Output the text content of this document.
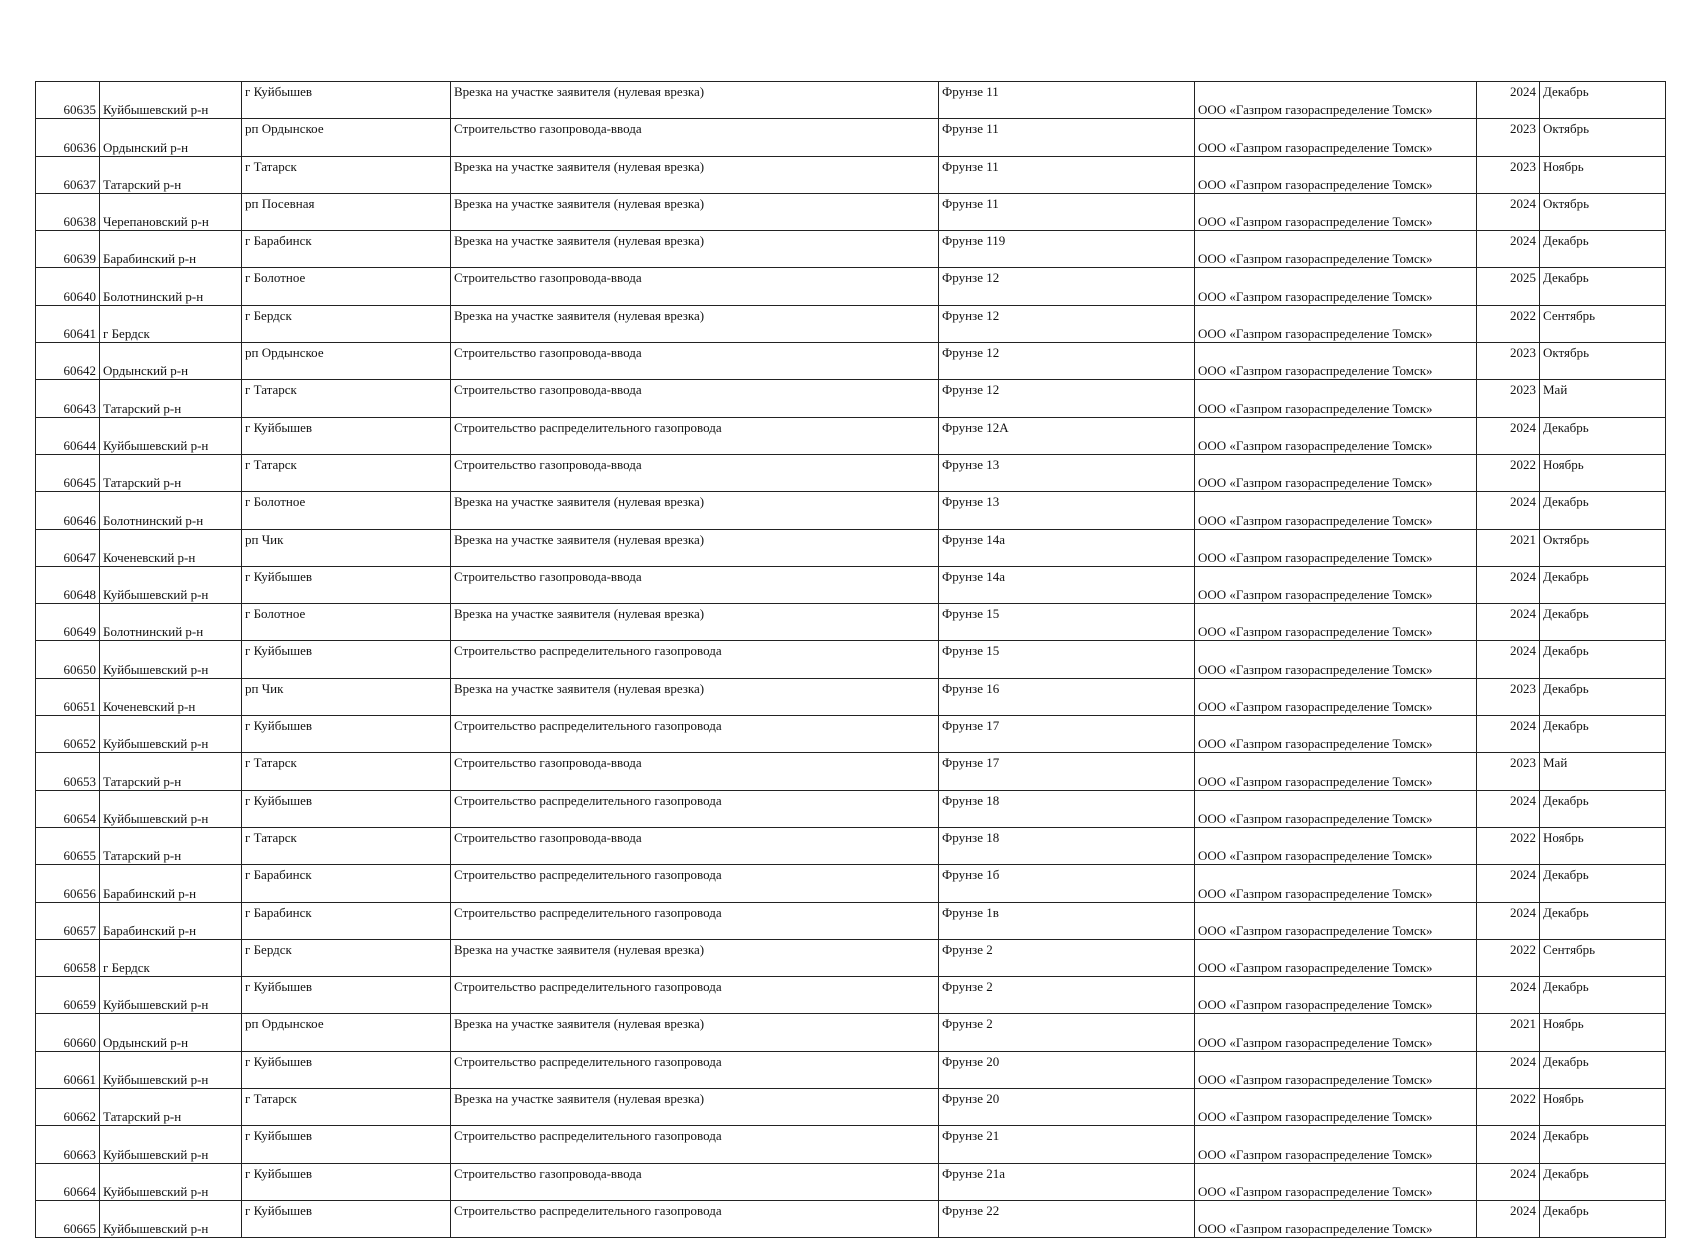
60635	Куйбышевский р-н	г Куйбышев	Врезка на участке заявителя (нулевая врезка)	Фрунзе 11	ООО «Газпром газораспределение Томск»	2024	Декабрь
60636	Ордынский р-н	рп Ордынское	Строительство газопровода-ввода	Фрунзе 11	ООО «Газпром газораспределение Томск»	2023	Октябрь
60637	Татарский р-н	г Татарск	Врезка на участке заявителя (нулевая врезка)	Фрунзе 11	ООО «Газпром газораспределение Томск»	2023	Ноябрь
60638	Черепановский р-н	рп Посевная	Врезка на участке заявителя (нулевая врезка)	Фрунзе 11	ООО «Газпром газораспределение Томск»	2024	Октябрь
60639	Барабинский р-н	г Барабинск	Врезка на участке заявителя (нулевая врезка)	Фрунзе 119	ООО «Газпром газораспределение Томск»	2024	Декабрь
60640	Болотнинский р-н	г Болотное	Строительство газопровода-ввода	Фрунзе 12	ООО «Газпром газораспределение Томск»	2025	Декабрь
60641	г Бердск	г Бердск	Врезка на участке заявителя (нулевая врезка)	Фрунзе 12	ООО «Газпром газораспределение Томск»	2022	Сентябрь
60642	Ордынский р-н	рп Ордынское	Строительство газопровода-ввода	Фрунзе 12	ООО «Газпром газораспределение Томск»	2023	Октябрь
60643	Татарский р-н	г Татарск	Строительство газопровода-ввода	Фрунзе 12	ООО «Газпром газораспределение Томск»	2023	Май
60644	Куйбышевский р-н	г Куйбышев	Строительство распределительного газопровода	Фрунзе 12А	ООО «Газпром газораспределение Томск»	2024	Декабрь
60645	Татарский р-н	г Татарск	Строительство газопровода-ввода	Фрунзе 13	ООО «Газпром газораспределение Томск»	2022	Ноябрь
60646	Болотнинский р-н	г Болотное	Врезка на участке заявителя (нулевая врезка)	Фрунзе 13	ООО «Газпром газораспределение Томск»	2024	Декабрь
60647	Коченевский р-н	рп Чик	Врезка на участке заявителя (нулевая врезка)	Фрунзе 14а	ООО «Газпром газораспределение Томск»	2021	Октябрь
60648	Куйбышевский р-н	г Куйбышев	Строительство газопровода-ввода	Фрунзе 14а	ООО «Газпром газораспределение Томск»	2024	Декабрь
60649	Болотнинский р-н	г Болотное	Врезка на участке заявителя (нулевая врезка)	Фрунзе 15	ООО «Газпром газораспределение Томск»	2024	Декабрь
60650	Куйбышевский р-н	г Куйбышев	Строительство распределительного газопровода	Фрунзе 15	ООО «Газпром газораспределение Томск»	2024	Декабрь
60651	Коченевский р-н	рп Чик	Врезка на участке заявителя (нулевая врезка)	Фрунзе 16	ООО «Газпром газораспределение Томск»	2023	Декабрь
60652	Куйбышевский р-н	г Куйбышев	Строительство распределительного газопровода	Фрунзе 17	ООО «Газпром газораспределение Томск»	2024	Декабрь
60653	Татарский р-н	г Татарск	Строительство газопровода-ввода	Фрунзе 17	ООО «Газпром газораспределение Томск»	2023	Май
60654	Куйбышевский р-н	г Куйбышев	Строительство распределительного газопровода	Фрунзе 18	ООО «Газпром газораспределение Томск»	2024	Декабрь
60655	Татарский р-н	г Татарск	Строительство газопровода-ввода	Фрунзе 18	ООО «Газпром газораспределение Томск»	2022	Ноябрь
60656	Барабинский р-н	г Барабинск	Строительство распределительного газопровода	Фрунзе 1б	ООО «Газпром газораспределение Томск»	2024	Декабрь
60657	Барабинский р-н	г Барабинск	Строительство распределительного газопровода	Фрунзе 1в	ООО «Газпром газораспределение Томск»	2024	Декабрь
60658	г Бердск	г Бердск	Врезка на участке заявителя (нулевая врезка)	Фрунзе 2	ООО «Газпром газораспределение Томск»	2022	Сентябрь
60659	Куйбышевский р-н	г Куйбышев	Строительство распределительного газопровода	Фрунзе 2	ООО «Газпром газораспределение Томск»	2024	Декабрь
60660	Ордынский р-н	рп Ордынское	Врезка на участке заявителя (нулевая врезка)	Фрунзе 2	ООО «Газпром газораспределение Томск»	2021	Ноябрь
60661	Куйбышевский р-н	г Куйбышев	Строительство распределительного газопровода	Фрунзе 20	ООО «Газпром газораспределение Томск»	2024	Декабрь
60662	Татарский р-н	г Татарск	Врезка на участке заявителя (нулевая врезка)	Фрунзе 20	ООО «Газпром газораспределение Томск»	2022	Ноябрь
60663	Куйбышевский р-н	г Куйбышев	Строительство распределительного газопровода	Фрунзе 21	ООО «Газпром газораспределение Томск»	2024	Декабрь
60664	Куйбышевский р-н	г Куйбышев	Строительство газопровода-ввода	Фрунзе 21а	ООО «Газпром газораспределение Томск»	2024	Декабрь
60665	Куйбышевский р-н	г Куйбышев	Строительство распределительного газопровода	Фрунзе 22	ООО «Газпром газораспределение Томск»	2024	Декабрь
